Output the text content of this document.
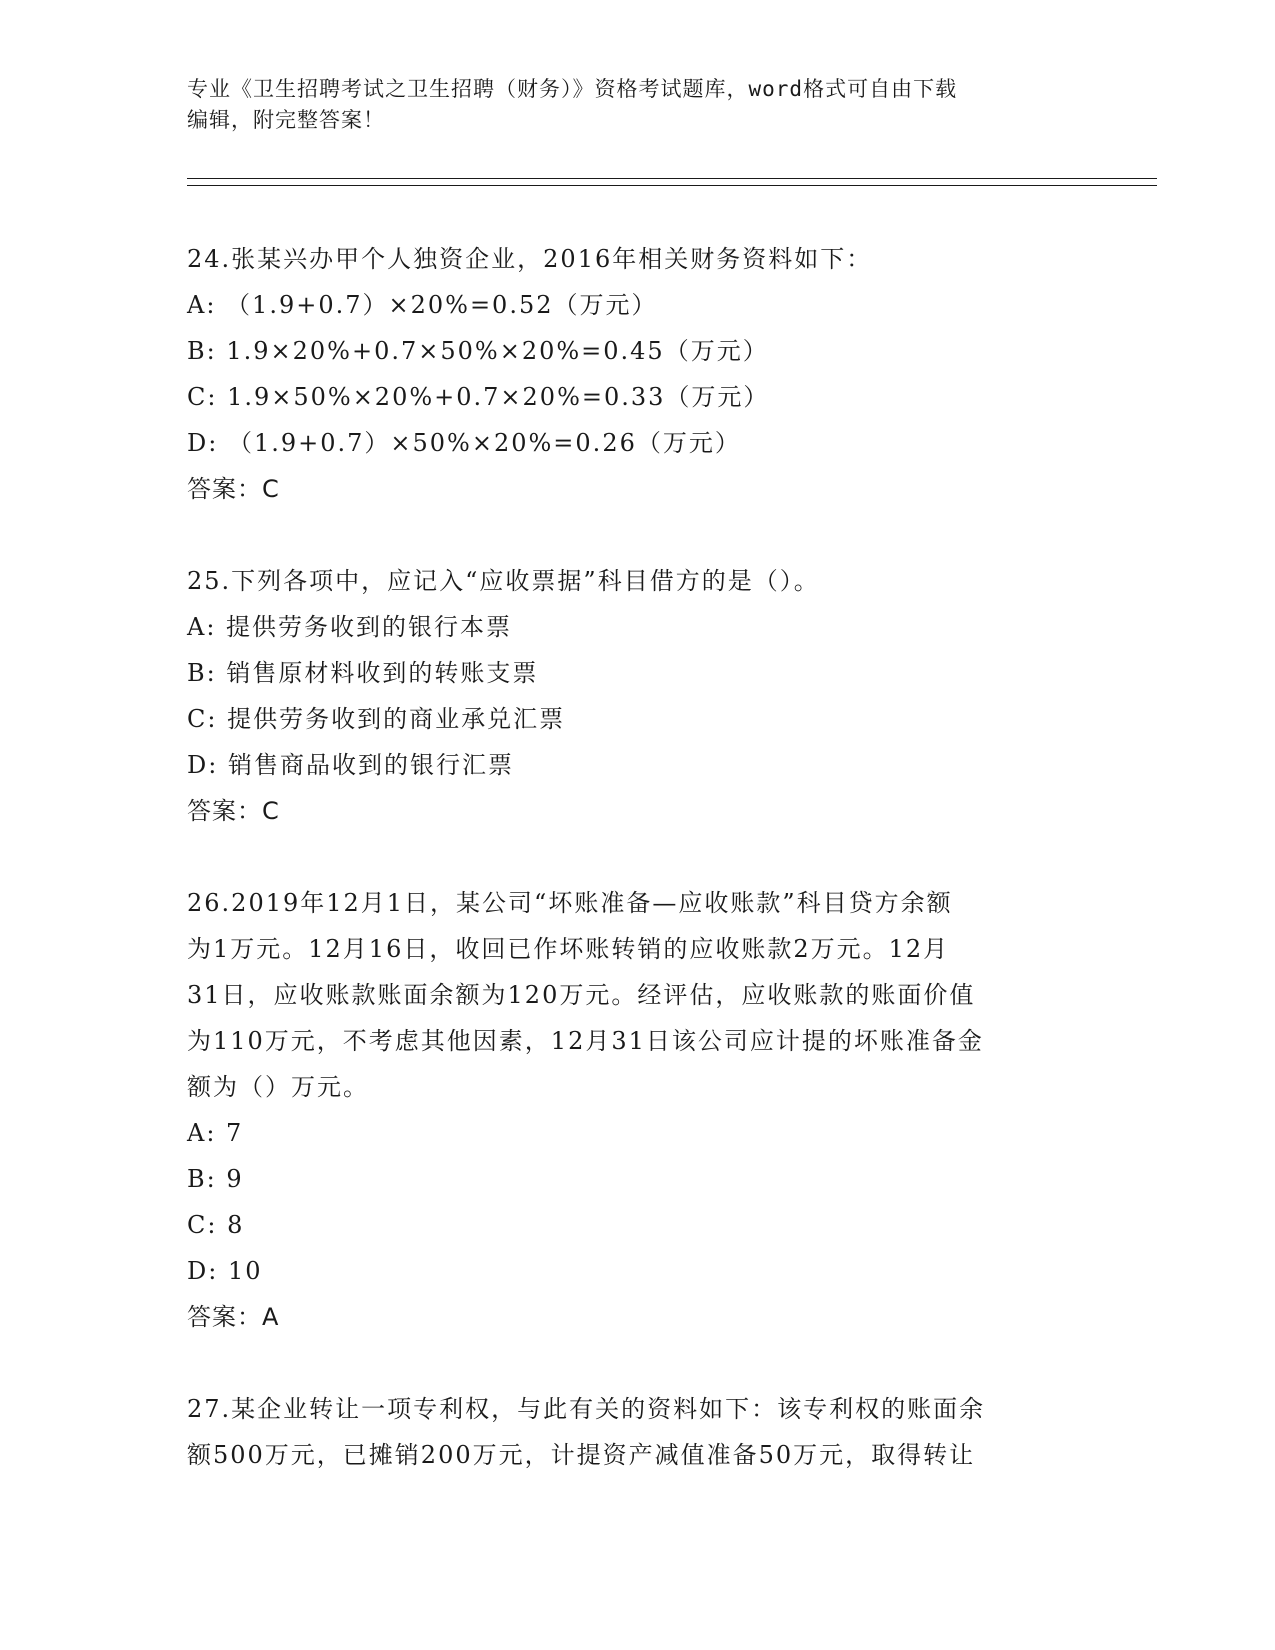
专业《卫生招聘考试之卫生招聘（财务）》资格考试题库，word格式可自由下载
编辑，附完整答案！
24.张某兴办甲个人独资企业，2016年相关财务资料如下：
A: （1.9+0.7）×20%=0.52（万元）
B: 1.9×20%+0.7×50%×20%=0.45（万元）
C: 1.9×50%×20%+0.7×20%=0.33（万元）
D: （1.9+0.7）×50%×20%=0.26（万元）
答案：C
25.下列各项中，应记入“应收票据”科目借方的是（）。
A: 提供劳务收到的银行本票
B: 销售原材料收到的转账支票
C: 提供劳务收到的商业承兑汇票
D: 销售商品收到的银行汇票
答案：C
26.2019年12月1日，某公司“坏账准备—应收账款”科目贷方余额
为1万元。12月16日，收回已作坏账转销的应收账款2万元。12月
31日，应收账款账面余额为120万元。经评估，应收账款的账面价值
为110万元，不考虑其他因素，12月31日该公司应计提的坏账准备金
额为（）万元。
A: 7
B: 9
C: 8
D: 10
答案：A
27.某企业转让一项专利权，与此有关的资料如下：该专利权的账面余
额500万元，已摊销200万元，计提资产减值准备50万元，取得转让
